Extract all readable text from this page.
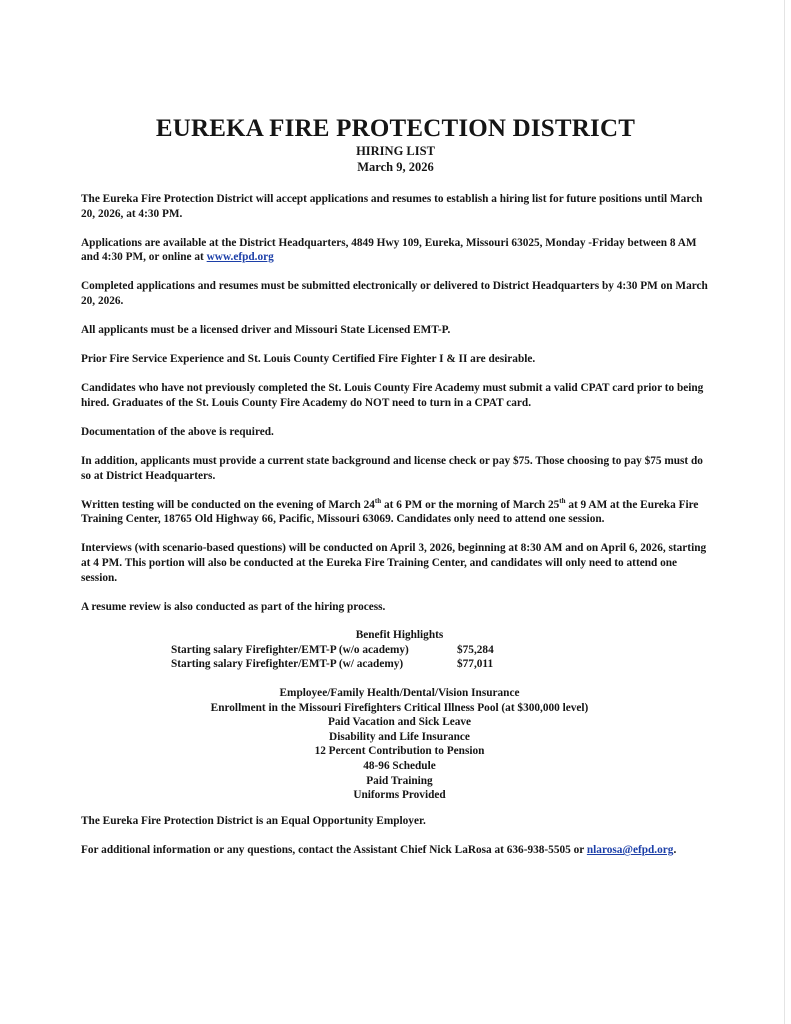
EUREKA FIRE PROTECTION DISTRICT
HIRING LIST
March 9, 2026

The Eureka Fire Protection District will accept applications and resumes to establish a hiring list for future positions until March 20, 2026, at 4:30 PM.

Applications are available at the District Headquarters, 4849 Hwy 109, Eureka, Missouri 63025, Monday -Friday between 8 AM and 4:30 PM, or online at www.efpd.org

Completed applications and resumes must be submitted electronically or delivered to District Headquarters by 4:30 PM on March 20, 2026.

All applicants must be a licensed driver and Missouri State Licensed EMT-P.

Prior Fire Service Experience and St. Louis County Certified Fire Fighter I & II are desirable.

Candidates who have not previously completed the St. Louis County Fire Academy must submit a valid CPAT card prior to being hired. Graduates of the St. Louis County Fire Academy do NOT need to turn in a CPAT card.

Documentation of the above is required.

In addition, applicants must provide a current state background and license check or pay $75. Those choosing to pay $75 must do so at District Headquarters.

Written testing will be conducted on the evening of March 24th at 6 PM or the morning of March 25th at 9 AM at the Eureka Fire Training Center, 18765 Old Highway 66, Pacific, Missouri 63069. Candidates only need to attend one session.

Interviews (with scenario-based questions) will be conducted on April 3, 2026, beginning at 8:30 AM and on April 6, 2026, starting at 4 PM. This portion will also be conducted at the Eureka Fire Training Center, and candidates will only need to attend one session.

A resume review is also conducted as part of the hiring process.

Benefit Highlights
Starting salary Firefighter/EMT-P (w/o academy)	$75,284
Starting salary Firefighter/EMT-P (w/ academy)	$77,011
Employee/Family Health/Dental/Vision Insurance
Enrollment in the Missouri Firefighters Critical Illness Pool (at $300,000 level)
Paid Vacation and Sick Leave
Disability and Life Insurance
12 Percent Contribution to Pension
48-96 Schedule
Paid Training
Uniforms Provided

The Eureka Fire Protection District is an Equal Opportunity Employer.

For additional information or any questions, contact the Assistant Chief Nick LaRosa at 636-938-5505 or nlarosa@efpd.org.
